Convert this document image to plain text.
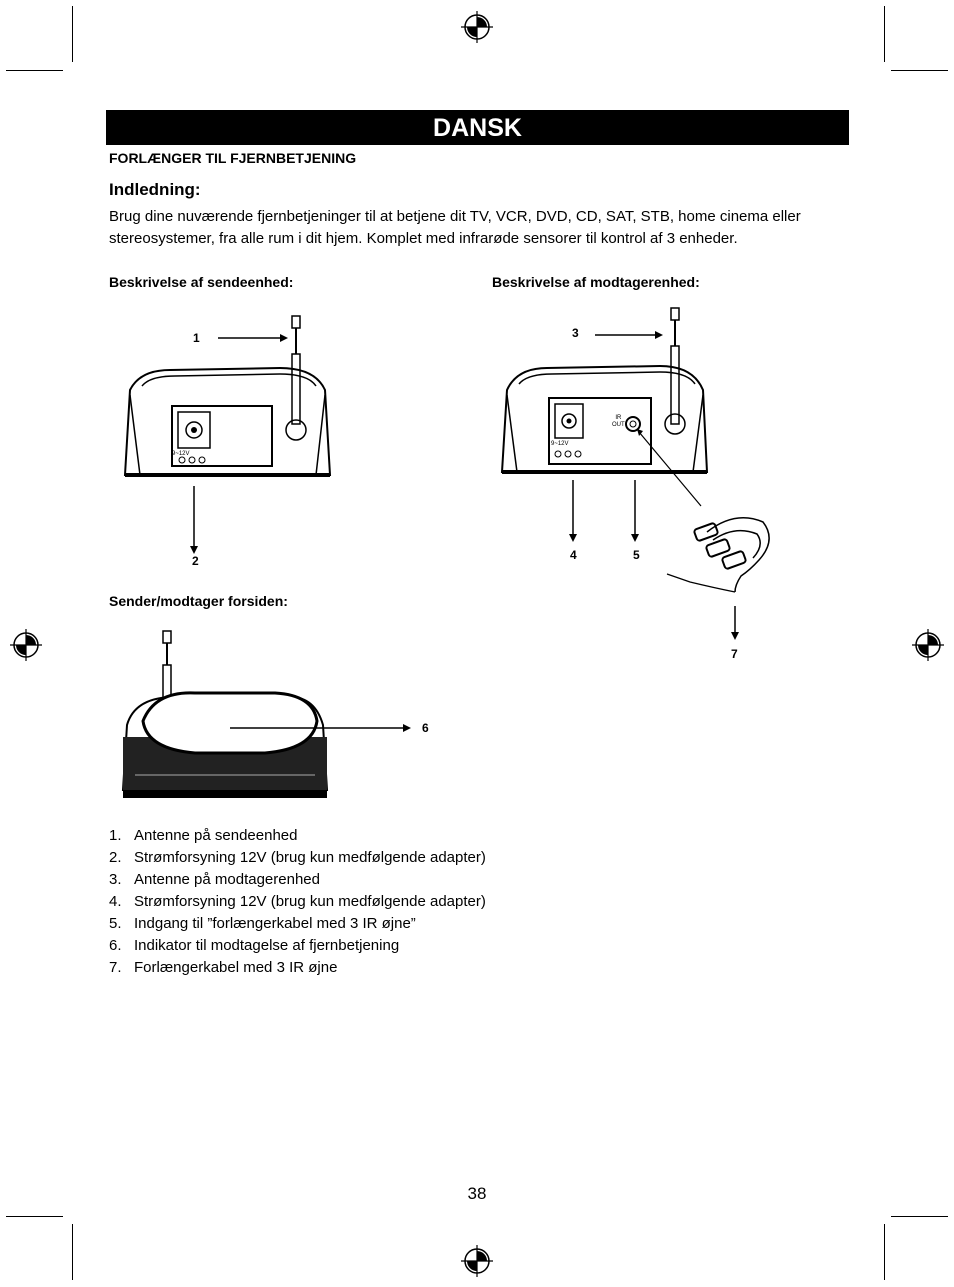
DANSK
FORLÆNGER TIL FJERNBETJENING
Indledning:
Brug dine nuværende fjernbetjeninger til at betjene dit TV, VCR, DVD, CD, SAT, STB, home cinema eller stereosystemer, fra alle rum i dit hjem. Komplet med infrarøde sensorer til kontrol af 3 enheder.
Beskrivelse af sendeenhed:	Beskrivelse af modtagerenhed:
Sender/modtager forsiden:
9~12V
1
2
9~12V
IR
OUT
3
4	5
7
6
1. Antenne på sendeenhed
2. Strømforsyning 12V (brug kun medfølgende adapter)
3. Antenne på modtagerenhed
4. Strømforsyning 12V (brug kun medfølgende adapter)
5. Indgang til ”forlængerkabel med 3 IR øjne”
6. Indikator til modtagelse af fjernbetjening
7. Forlængerkabel med 3 IR øjne
38
